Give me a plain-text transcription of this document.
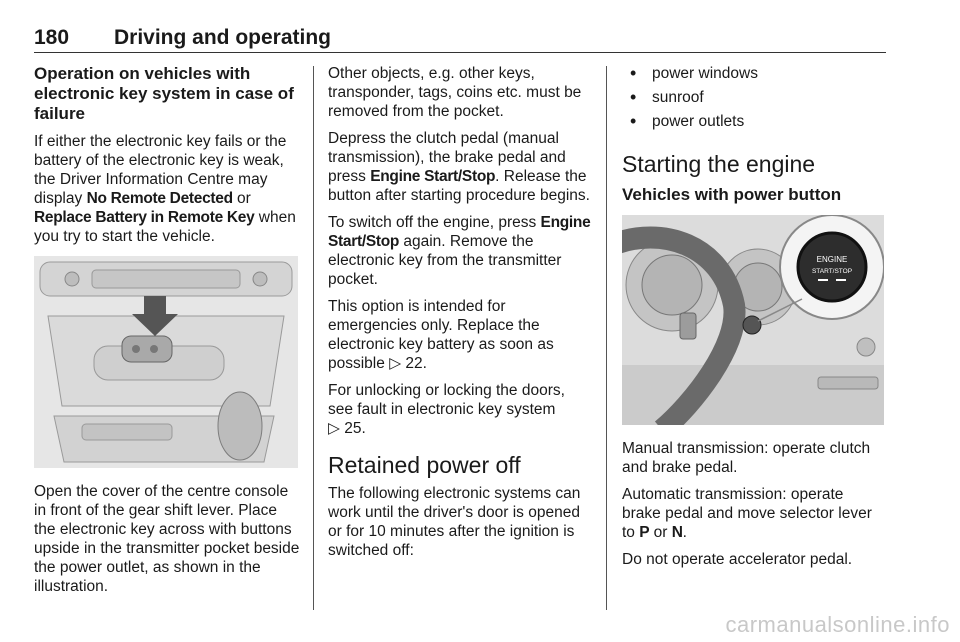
180 Driving and operating
Operation on vehicles with electronic key system in case of failure

If either the electronic key fails or the battery of the electronic key is weak, the Driver Information Centre may display No Remote Detected or Replace Battery in Remote Key when you try to start the vehicle.

Open the cover of the centre console in front of the gear shift lever. Place the electronic key across with buttons upside in the transmitter pocket beside the power outlet, as shown in the illustration.

Other objects, e.g. other keys, transponder, tags, coins etc. must be removed from the pocket.

Depress the clutch pedal (manual transmission), the brake pedal and press Engine Start/Stop. Release the button after starting procedure begins.

To switch off the engine, press Engine Start/Stop again. Remove the electronic key from the transmitter pocket.

This option is intended for emergencies only. Replace the electronic key battery as soon as possible ▷ 22.

For unlocking or locking the doors, see fault in electronic key system ▷ 25.

Retained power off

The following electronic systems can work until the driver's door is opened or for 10 minutes after the ignition is switched off:

• power windows
• sunroof
• power outlets
Starting the engine
Vehicles with power button
ENGINE
START/STOP

Manual transmission: operate clutch and brake pedal.

Automatic transmission: operate brake pedal and move selector lever to P or N.

Do not operate accelerator pedal.

carmanualsonline.info
